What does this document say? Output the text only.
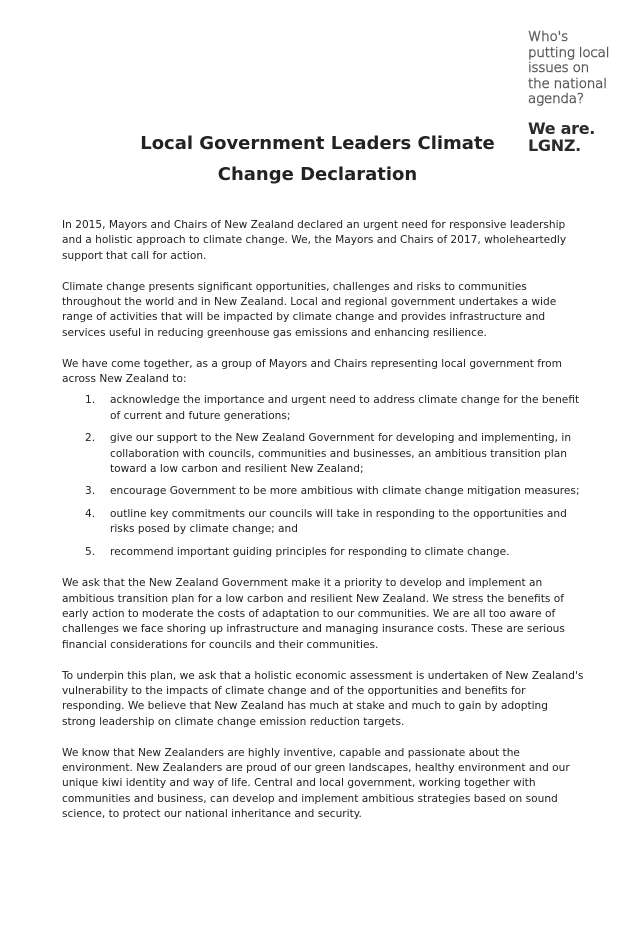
Who's
putting local
issues on
the national
agenda?
We are.
LGNZ.
Local Government Leaders Climate
Change Declaration

In 2015, Mayors and Chairs of New Zealand declared an urgent need for responsive leadership and a holistic approach to climate change. We, the Mayors and Chairs of 2017, wholeheartedly support that call for action.

Climate change presents significant opportunities, challenges and risks to communities throughout the world and in New Zealand. Local and regional government undertakes a wide range of activities that will be impacted by climate change and provides infrastructure and services useful in reducing greenhouse gas emissions and enhancing resilience.

We have come together, as a group of Mayors and Chairs representing local government from across New Zealand to:

1.	acknowledge the importance and urgent need to address climate change for the benefit of current and future generations;
2.	give our support to the New Zealand Government for developing and implementing, in collaboration with councils, communities and businesses, an ambitious transition plan toward a low carbon and resilient New Zealand;
3.	encourage Government to be more ambitious with climate change mitigation measures;
4.	outline key commitments our councils will take in responding to the opportunities and risks posed by climate change; and
5.	recommend important guiding principles for responding to climate change.

We ask that the New Zealand Government make it a priority to develop and implement an ambitious transition plan for a low carbon and resilient New Zealand. We stress the benefits of early action to moderate the costs of adaptation to our communities. We are all too aware of challenges we face shoring up infrastructure and managing insurance costs. These are serious financial considerations for councils and their communities.

To underpin this plan, we ask that a holistic economic assessment is undertaken of New Zealand's vulnerability to the impacts of climate change and of the opportunities and benefits for responding. We believe that New Zealand has much at stake and much to gain by adopting strong leadership on climate change emission reduction targets.

We know that New Zealanders are highly inventive, capable and passionate about the environment. New Zealanders are proud of our green landscapes, healthy environment and our unique kiwi identity and way of life. Central and local government, working together with communities and business, can develop and implement ambitious strategies based on sound science, to protect our national inheritance and security.
